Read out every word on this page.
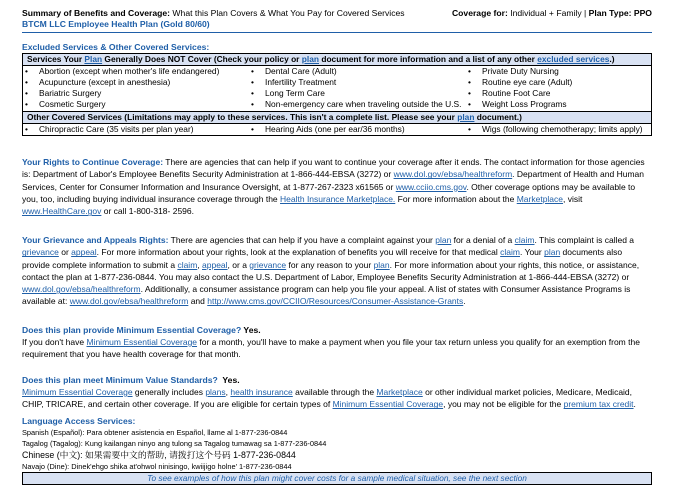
Summary of Benefits and Coverage: What this Plan Covers & What You Pay for Covered Services
BTCM LLC Employee Health Plan (Gold 80/60)
Coverage for: Individual + Family | Plan Type: PPO
Excluded Services & Other Covered Services:
Services Your Plan Generally Does NOT Cover (Check your policy or plan document for more information and a list of any other excluded services.)
• Abortion (except when mother's life endangered)
• Acupuncture (except in anesthesia)
• Bariatric Surgery
• Cosmetic Surgery
• Dental Care (Adult)
• Infertility Treatment
• Long Term Care
• Non-emergency care when traveling outside the U.S.
• Private Duty Nursing
• Routine eye care (Adult)
• Routine Foot Care
• Weight Loss Programs
Other Covered Services (Limitations may apply to these services. This isn't a complete list. Please see your plan document.)
• Chiropractic Care (35 visits per plan year)	• Hearing Aids (one per ear/36 months)	• Wigs (following chemotherapy; limits apply)
Your Rights to Continue Coverage: There are agencies that can help if you want to continue your coverage after it ends. The contact information for those agencies is: Department of Labor's Employee Benefits Security Administration at 1-866-444-EBSA (3272) or www.dol.gov/ebsa/healthreform. Department of Health and Human Services, Center for Consumer Information and Insurance Oversight, at 1-877-267-2323 x61565 or www.cciio.cms.gov. Other coverage options may be available to you, too, including buying individual insurance coverage through the Health Insurance Marketplace. For more information about the Marketplace, visit www.HealthCare.gov or call 1-800-318- 2596.
Your Grievance and Appeals Rights: There are agencies that can help if you have a complaint against your plan for a denial of a claim. This complaint is called a grievance or appeal. For more information about your rights, look at the explanation of benefits you will receive for that medical claim. Your plan documents also provide complete information to submit a claim, appeal, or a grievance for any reason to your plan. For more information about your rights, this notice, or assistance, contact the plan at 1-877-236-0844. You may also contact the U.S. Department of Labor, Employee Benefits Security Administration at 1-866-444-EBSA (3272) or www.dol.gov/ebsa/healthreform. Additionally, a consumer assistance program can help you file your appeal. A list of states with Consumer Assistance Programs is available at: www.dol.gov/ebsa/healthreform and http://www.cms.gov/CCIIO/Resources/Consumer-Assistance-Grants.
Does this plan provide Minimum Essential Coverage? Yes.
If you don't have Minimum Essential Coverage for a month, you'll have to make a payment when you file your tax return unless you qualify for an exemption from the requirement that you have health coverage for that month.
Does this plan meet Minimum Value Standards?  Yes.
Minimum Essential Coverage generally includes plans, health insurance available through the Marketplace or other individual market policies, Medicare, Medicaid, CHIP, TRICARE, and certain other coverage. If you are eligible for certain types of Minimum Essential Coverage, you may not be eligible for the premium tax credit.
Language Access Services:
Spanish (Español): Para obtener asistencia en Español, llame al 1-877-236-0844
Tagalog (Tagalog): Kung kailangan ninyo ang tulong sa Tagalog tumawag sa 1-877-236-0844
Chinese (中文): 如果需要中文的帮助, 请拨打这个号码 1-877-236-0844
Navajo (Dine): Dinek'ehgo shika at'ohwol ninisingo, kwiijigo holne' 1-877-236-0844
To see examples of how this plan might cover costs for a sample medical situation, see the next section
